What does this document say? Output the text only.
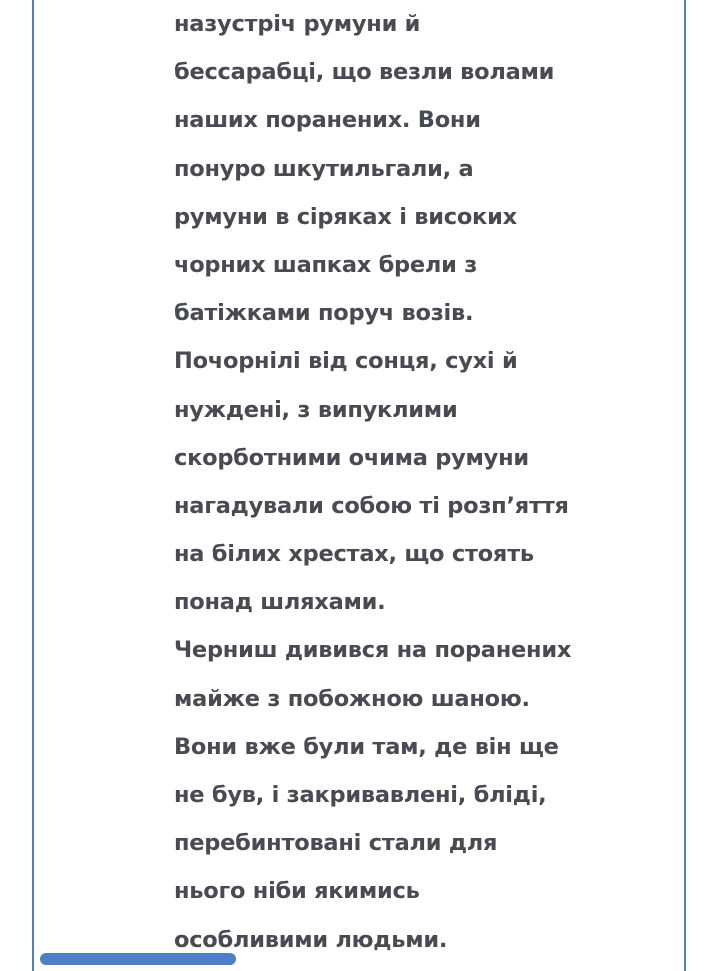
назустріч румуни й
бессарабці, що везли волами
наших поранених. Вони
понуро шкутильгали, а
румуни в сіряках і високих
чорних шапках брели з
батіжками поруч возів.
Почорнілі від сонця, сухі й
нуждені, з випуклими
скорботними очима румуни
нагадували собою ті розп’яття
на білих хрестах, що стоять
понад шляхами.
Черниш дивився на поранених
майже з побожною шаною.
Вони вже були там, де він ще
не був, і закривавлені, бліді,
перебинтовані стали для
нього ніби якимись
особливими людьми.
